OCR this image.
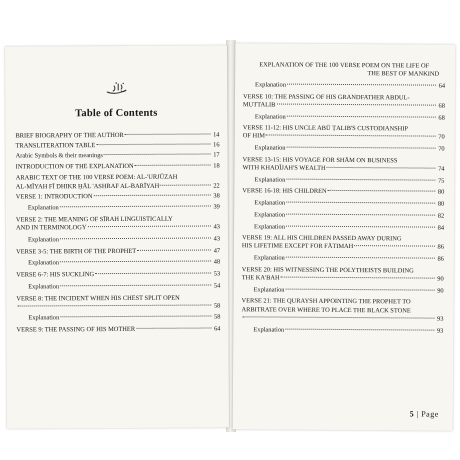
Table of Contents
BRIEF BIOGRAPHY OF THE AUTHOR	14
TRANSLITERATION TABLE	16
Arabic Symbols & their meanings	17
INTRODUCTION OF THE EXPLANATION	18
ARABIC TEXT OF THE 100 VERSE POEM: AL-'URJŪZAH
AL-MĪYAH FĪ DHIKR ḤĀL 'ASHRAF AL-BARĪYAH	22
VERSE 1: INTRODUCTION	38
Explanation	39
VERSE 2: THE MEANING OF SĪRAH LINGUISTICALLY
AND IN TERMINOLOGY	43
Explanation	43
VERSE 3-5: THE BIRTH OF THE PROPHET	47
Explanation	48
VERSE 6-7: HIS SUCKLING	53
Explanation	54
VERSE 8: THE INCIDENT WHEN HIS CHEST SPLIT OPEN
58
Explanation	58
VERSE 9: THE PASSING OF HIS MOTHER	64
EXPLANATION OF THE 100 VERSE POEM ON THE LIFE OF
THE BEST OF MANKIND
Explanation	64
VERSE 10: THE PASSING OF HIS GRANDFATHER ABDUL-
MUTTALIB	68
Explanation	68
VERSE 11-12: HIS UNCLE ABŪ ṬALIB'S CUSTODIANSHIP
OF HIM	70
Explanation	70
VERSE 13-15: HIS VOYAGE FOR SHĀM ON BUSINESS
WITH KHADĪJAH'S WEALTH	74
Explanation	75
VERSE 16-18: HIS CHILDREN	80
Explanation	80
Explanation	82
Explanation	84
VERSE 19: ALL HIS CHILDREN PASSED AWAY DURING
HIS LIFETIME EXCEPT FOR FĀTIMAH	86
Explanation	86
VERSE 20: HIS WITNESSING THE POLYTHEISTS BUILDING
THE KA'BAH	90
Explanation	90
VERSE 21: THE QURAYSH APPOINTING THE PROPHET TO
ARBITRATE OVER WHERE TO PLACE THE BLACK STONE
93
Explanation	93
5 | Page
